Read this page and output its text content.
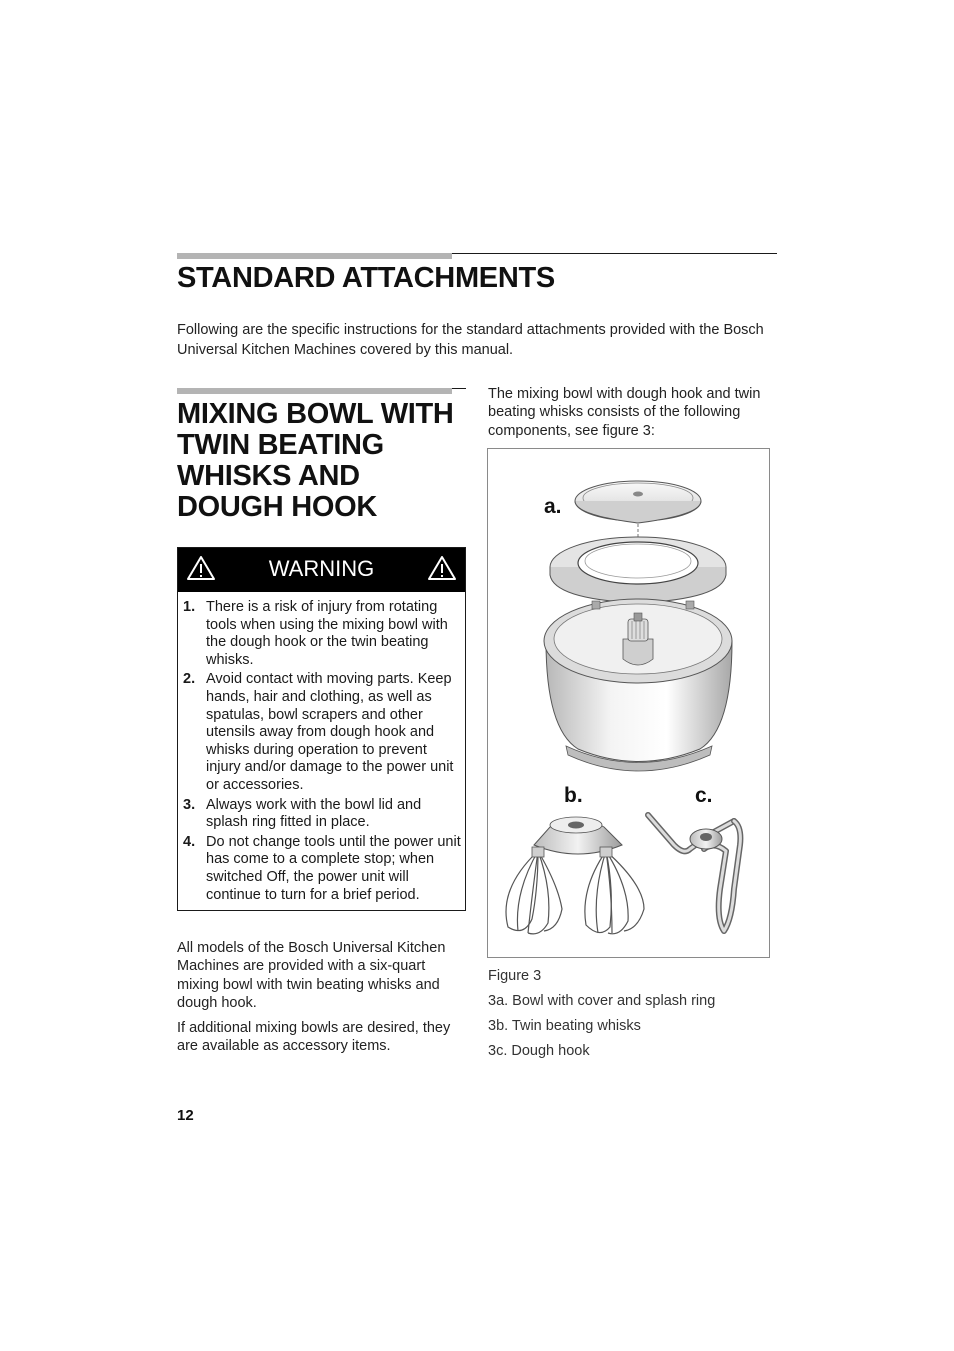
STANDARD ATTACHMENTS
Following are the specific instructions for the standard attachments provided with the Bosch Universal Kitchen Machines covered by this manual.
MIXING BOWL WITH
TWIN BEATING
WHISKS AND
DOUGH HOOK
WARNING
1. There is a risk of injury from rotating tools when using the mixing bowl with the dough hook or the twin beating whisks.
2. Avoid contact with moving parts. Keep hands, hair and clothing, as well as spatulas, bowl scrapers and other utensils away from dough hook and whisks during operation to prevent injury and/or damage to the power unit or accessories.
3. Always work with the bowl lid and splash ring fitted in place.
4. Do not change tools until the power unit has come to a complete stop; when switched Off, the power unit will continue to turn for a brief period.
All models of the Bosch Universal Kitchen Machines are provided with a six-quart mixing bowl with twin beating whisks and dough hook.
If additional mixing bowls are desired, they are available as accessory items.
The mixing bowl with dough hook and twin beating whisks consists of the following components, see figure 3:
a.
b.	c.
Figure 3
3a. Bowl with cover and splash ring
3b. Twin beating whisks
3c. Dough hook
12
